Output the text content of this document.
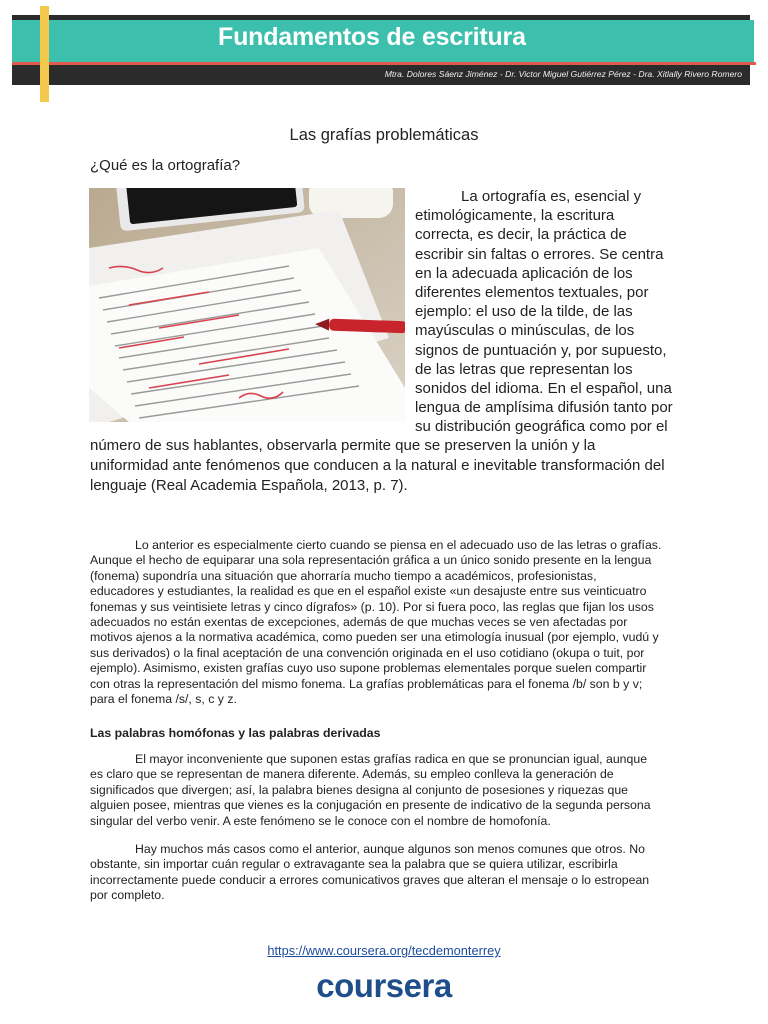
Fundamentos de escritura
Mtra. Dolores Sáenz Jiménez - Dr. Victor Miguel Gutiérrez Pérez - Dra. Xitlally Rivero Romero
Las grafías problemáticas
¿Qué es la ortografía?
La ortografía es, esencial y
etimológicamente, la escritura
correcta, es decir, la práctica de
escribir sin faltas o errores. Se centra
en la adecuada aplicación de los
diferentes elementos textuales, por
ejemplo: el uso de la tilde, de las
mayúsculas o minúsculas, de los
signos de puntuación y, por supuesto,
de las letras que representan los
sonidos del idioma. En el español, una
lengua de amplísima difusión tanto por
su distribución geográfica como por el
número de sus hablantes, observarla permite que se preserven la unión y la
uniformidad ante fenómenos que conducen a la natural e inevitable transformación del
lenguaje (Real Academia Española, 2013, p. 7).
Lo anterior es especialmente cierto cuando se piensa en el adecuado uso de las letras o grafías.
Aunque el hecho de equiparar una sola representación gráfica a un único sonido presente en la lengua
(fonema) supondría una situación que ahorraría mucho tiempo a académicos, profesionistas,
educadores y estudiantes, la realidad es que en el español existe «un desajuste entre sus veinticuatro
fonemas y sus veintisiete letras y cinco dígrafos» (p. 10). Por si fuera poco, las reglas que fijan los usos
adecuados no están exentas de excepciones, además de que muchas veces se ven afectadas por
motivos ajenos a la normativa académica, como pueden ser una etimología inusual (por ejemplo, vudú y
sus derivados) o la final aceptación de una convención originada en el uso cotidiano (okupa o tuit, por
ejemplo). Asimismo, existen grafías cuyo uso supone problemas elementales porque suelen compartir
con otras la representación del mismo fonema. La grafías problemáticas para el fonema /b/ son b y v;
para el fonema /s/, s, c y z.
Las palabras homófonas y las palabras derivadas
El mayor inconveniente que suponen estas grafías radica en que se pronuncian igual, aunque
es claro que se representan de manera diferente. Además, su empleo conlleva la generación de
significados que divergen; así, la palabra bienes designa al conjunto de posesiones y riquezas que
alguien posee, mientras que vienes es la conjugación en presente de indicativo de la segunda persona
singular del verbo venir. A este fenómeno se le conoce con el nombre de homofonía.
Hay muchos más casos como el anterior, aunque algunos son menos comunes que otros. No
obstante, sin importar cuán regular o extravagante sea la palabra que se quiera utilizar, escribirla
incorrectamente puede conducir a errores comunicativos graves que alteran el mensaje o lo estropean
por completo.
https://www.coursera.org/tecdemonterrey
coursera
